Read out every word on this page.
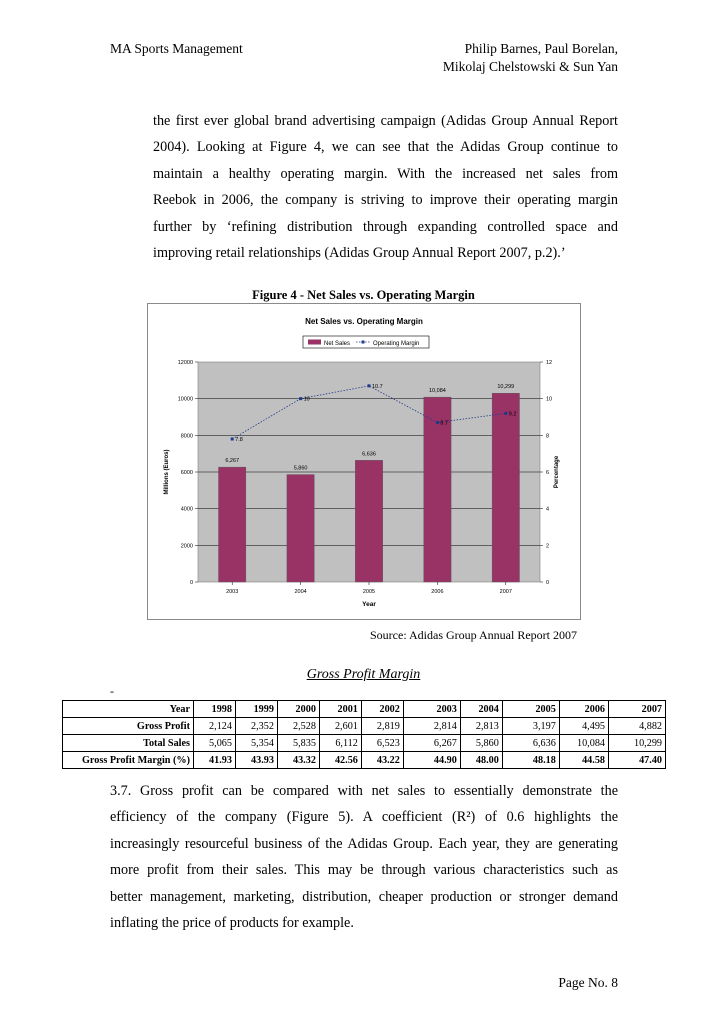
MA Sports Management	Philip Barnes, Paul Borelan,
Mikolaj Chelstowski & Sun Yan
the first ever global brand advertising campaign (Adidas Group Annual Report
2004). Looking at Figure 4, we can see that the Adidas Group continue to
maintain a healthy operating margin. With the increased net sales from
Reebok in 2006, the company is striving to improve their operating margin
further by ‘refining distribution through expanding controlled space and
improving retail relationships (Adidas Group Annual Report 2007, p.2).’
Figure 4 - Net Sales vs. Operating Margin
Net Sales vs. Operating Margin
Net Sales	Operating Margin
6,267
5,860
6,636
10,084
10,299
7.8
10
10.7
8.7
9.2
0
2000
4000
6000
8000
10000
12000
0
2
4
6
8
10
12
2003	2004	2005	2006	2007
Year
Millions (Euros)	Percentage
Source: Adidas Group Annual Report 2007
Gross Profit Margin
-
Year	1998	1999	2000	2001	2002	2003	2004	2005	2006	2007
Gross Profit	2,124	2,352	2,528	2,601	2,819	2,814	2,813	3,197	4,495	4,882
Total Sales	5,065	5,354	5,835	6,112	6,523	6,267	5,860	6,636	10,084	10,299
Gross Profit Margin (%)	41.93	43.93	43.32	42.56	43.22	44.90	48.00	48.18	44.58	47.40
3.7. Gross profit can be compared with net sales to essentially demonstrate the
efficiency of the company (Figure 5). A coefficient (R²) of 0.6 highlights the
increasingly resourceful business of the Adidas Group. Each year, they are generating
more profit from their sales. This may be through various characteristics such as
better management, marketing, distribution, cheaper production or stronger demand
inflating the price of products for example.
Page No. 8
